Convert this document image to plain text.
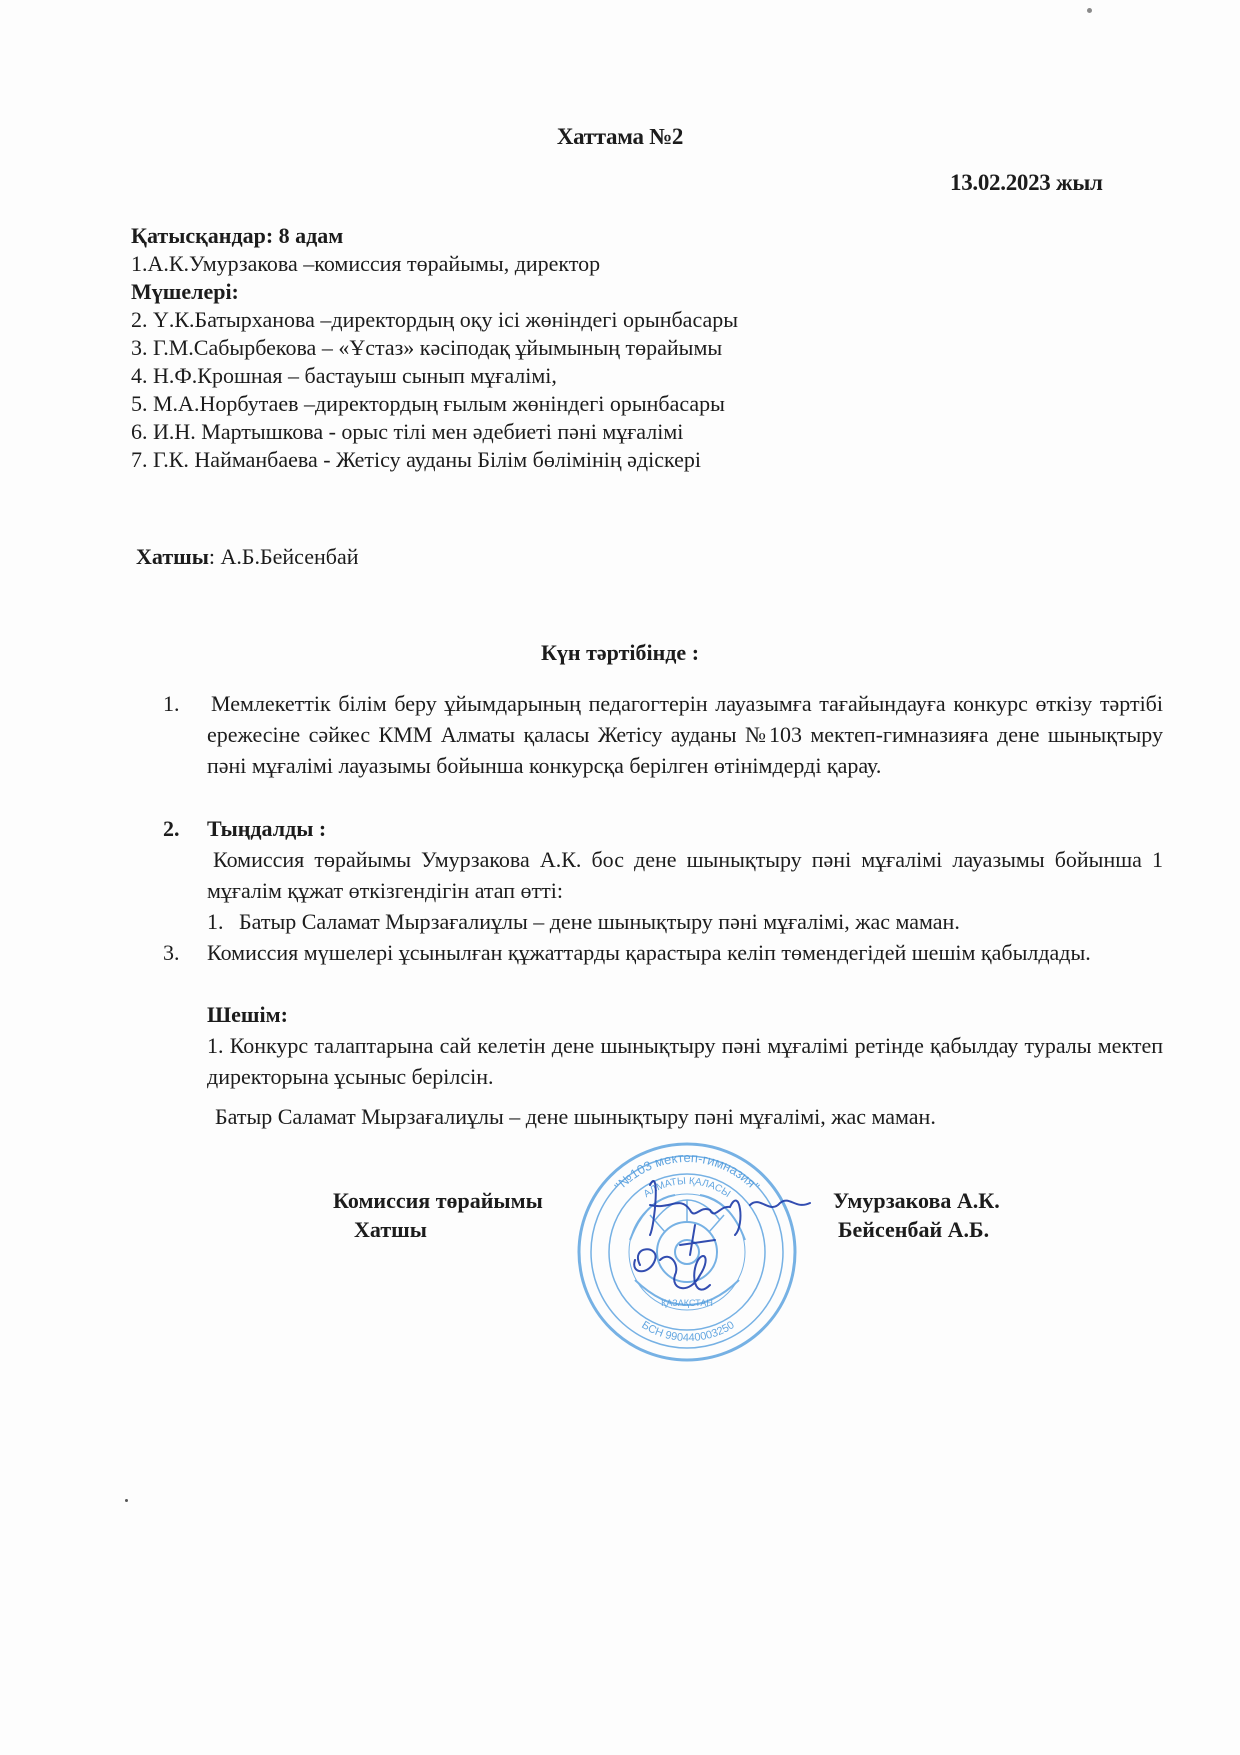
Хаттама №2
13.02.2023 жыл
Қатысқандар: 8 адам
1.А.К.Умурзакова –комиссия төрайымы, директор
Мүшелері:
2. Ү.К.Батырханова –директордың оқу ісі жөніндегі орынбасары
3. Г.М.Сабырбекова – «Ұстаз» кәсіподақ ұйымының төрайымы
4. Н.Ф.Крошная – бастауыш сынып мұғалімі,
5. М.А.Норбутаев –директордың ғылым жөніндегі орынбасары
6. И.Н. Мартышкова - орыс тілі мен әдебиеті пәні мұғалімі
7. Г.К. Найманбаева - Жетісу ауданы Білім бөлімінің әдіскері
Хатшы: А.Б.Бейсенбай
Күн тәртібінде :
1.	Мемлекеттік білім беру ұйымдарының педагогтерін лауазымға тағайындауға конкурс өткізу тәртібі ережесіне сәйкес КММ Алматы қаласы Жетісу ауданы №103 мектеп-гимназияға дене шынықтыру пәні мұғалімі лауазымы бойынша конкурсқа берілген өтінімдерді қарау.
2.	Тыңдалды :
Комиссия төрайымы Умурзакова А.К. бос дене шынықтыру пәні мұғалімі лауазымы бойынша 1 мұғалім құжат өткізгендігін атап өтті:
1. Батыр Саламат Мырзағалиұлы – дене шынықтыру пәні мұғалімі, жас маман.
3.	Комиссия мүшелері ұсынылған құжаттарды қарастыра келіп төмендегідей шешім қабылдады.
Шешім:
1. Конкурс талаптарына сай келетін дене шынықтыру пәні мұғалімі ретінде қабылдау туралы мектеп директорына ұсыныс берілсін.
Батыр Саламат Мырзағалиұлы – дене шынықтыру пәні мұғалімі, жас маман.
"№103 мектеп-гимназия"
АЛМАТЫ ҚАЛАСЫ
БСН 990440003250
ҚАЗАҚСТАН
Комиссия төрайымы
Хатшы
Умурзакова А.К.
Бейсенбай А.Б.
